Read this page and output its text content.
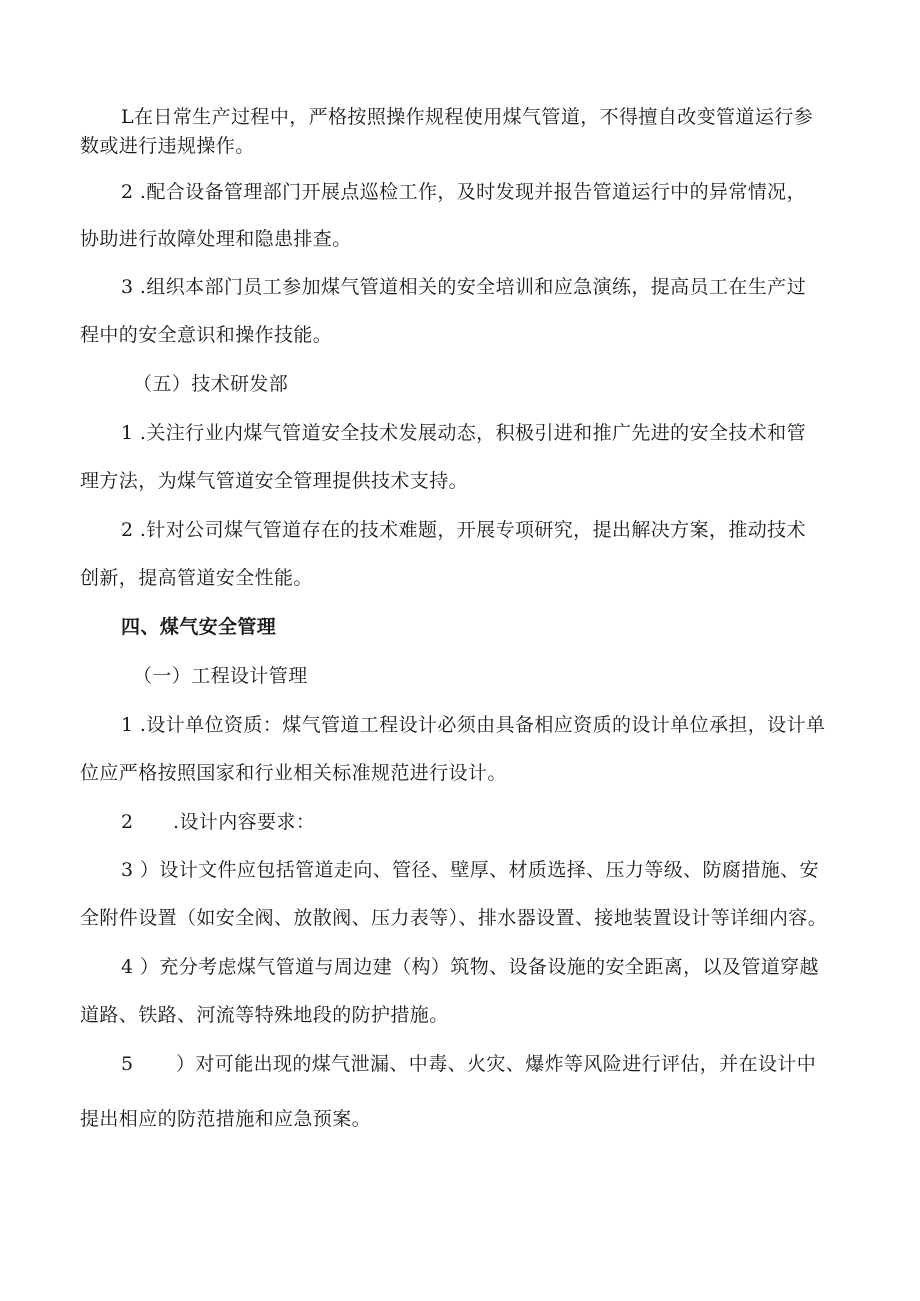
L在日常生产过程中，严格按照操作规程使用煤气管道，不得擅自改变管道运行参
数或进行违规操作。
2 .配合设备管理部门开展点巡检工作，及时发现并报告管道运行中的异常情况，
协助进行故障处理和隐患排查。
3 .组织本部门员工参加煤气管道相关的安全培训和应急演练，提高员工在生产过
程中的安全意识和操作技能。
（五）技术研发部
1 .关注行业内煤气管道安全技术发展动态，积极引进和推广先进的安全技术和管
理方法，为煤气管道安全管理提供技术支持。
2 .针对公司煤气管道存在的技术难题，开展专项研究，提出解决方案，推动技术
创新，提高管道安全性能。
四、煤气安全管理
（一）工程设计管理
1 .设计单位资质：煤气管道工程设计必须由具备相应资质的设计单位承担，设计单
位应严格按照国家和行业相关标准规范进行设计。
2 .设计内容要求：
3 ）设计文件应包括管道走向、管径、壁厚、材质选择、压力等级、防腐措施、安
全附件设置（如安全阀、放散阀、压力表等）、排水器设置、接地装置设计等详细内容。
4 ）充分考虑煤气管道与周边建（构）筑物、设备设施的安全距离，以及管道穿越
道路、铁路、河流等特殊地段的防护措施。
5 ）对可能出现的煤气泄漏、中毒、火灾、爆炸等风险进行评估，并在设计中
提出相应的防范措施和应急预案。
